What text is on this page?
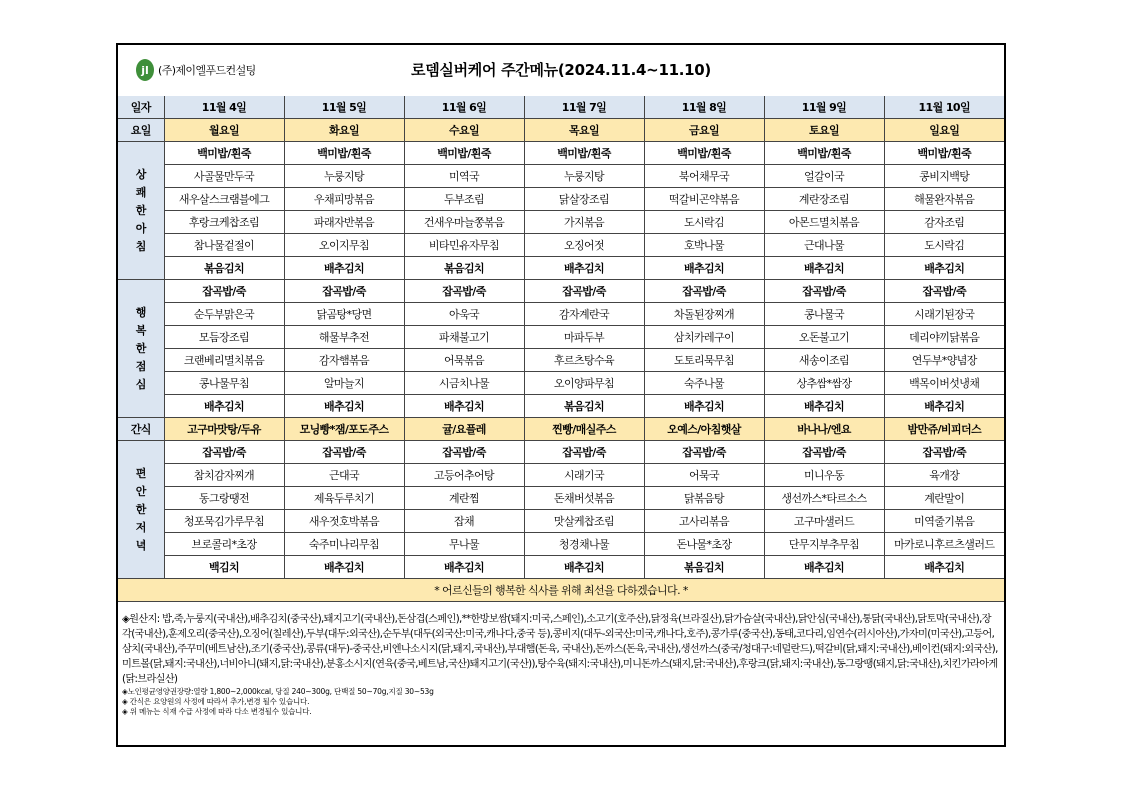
jl (주)제이엘푸드컨설팅	로뎀실버케어 주간메뉴(2024.11.4~11.10)
일자	11월 4일	11월 5일	11월 6일	11월 7일	11월 8일	11월 9일	11월 10일
요일	월요일	화요일	수요일	목요일	금요일	토요일	일요일

상
쾌
한
아
침	백미밥/흰죽	백미밥/흰죽	백미밥/흰죽	백미밥/흰죽	백미밥/흰죽	백미밥/흰죽	백미밥/흰죽
	사골물만두국	누룽지탕	미역국	누룽지탕	북어채무국	얼갈이국	콩비지백탕
	새우살스크램블에그	우채피망볶음	두부조림	닭살장조림	떡갈비곤약볶음	계란장조림	해물완자볶음
	후랑크케찹조림	파래자반볶음	건새우마늘쫑볶음	가지볶음	도시락김	아몬드멸치볶음	감자조림
	참나물겉절이	오이지무침	비타민유자무침	오징어젓	호박나물	근대나물	도시락김
	볶음김치	배추김치	볶음김치	배추김치	배추김치	배추김치	배추김치

행
복
한
점
심	잡곡밥/죽	잡곡밥/죽	잡곡밥/죽	잡곡밥/죽	잡곡밥/죽	잡곡밥/죽	잡곡밥/죽
	순두부맑은국	닭곰탕*당면	아욱국	감자계란국	차돌된장찌개	콩나물국	시래기된장국
	모듬장조림	해물부추전	파채불고기	마파두부	삼치카레구이	오돈불고기	데리야끼닭볶음
	크랜베리멸치볶음	감자햄볶음	어묵볶음	후르츠탕수육	도토리묵무침	새송이조림	연두부*양념장
	콩나물무침	알마늘지	시금치나물	오이양파무침	숙주나물	상추쌈*쌈장	백목이버섯냉채
	배추김치	배추김치	배추김치	볶음김치	배추김치	배추김치	배추김치
간식	고구마맛탕/두유	모닝빵*잼/포도주스	귤/요플레	찐빵/매실주스	오예스/아침햇살	바나나/엔요	밤만쥬/비피더스

편
안
한
저
녁	잡곡밥/죽	잡곡밥/죽	잡곡밥/죽	잡곡밥/죽	잡곡밥/죽	잡곡밥/죽	잡곡밥/죽
	참치감자찌개	근대국	고등어추어탕	시래기국	어묵국	미니우동	육개장
	동그랑땡전	제육두루치기	계란찜	돈채버섯볶음	닭볶음탕	생선까스*타르소스	계란말이
	청포묵김가루무침	새우젓호박볶음	잡채	맛살케찹조림	고사리볶음	고구마샐러드	미역줄기볶음
	브로콜리*초장	숙주미나리무침	무나물	청경채나물	돈나물*초장	단무지부추무침	마카로니후르츠샐러드
	백김치	배추김치	배추김치	배추김치	볶음김치	배추김치	배추김치
* 어르신들의 행복한 식사를 위해 최선을 다하겠습니다. *							
◈원산지: 밥,죽,누룽지(국내산),배추김치(중국산),돼지고기(국내산),돈삼겹(스페인),**한방보쌈(돼지:미국,스페인),소고기(호주산),닭정육(브라질산),닭가슴살(국내산),닭안심(국내산),통닭(국내산),닭토막(국내산),장각(국내산),훈제오리(중국산),오징어(칠레산),두부(대두:외국산),순두부(대두(외국산:미국,캐나다,중국 등),콩비지(대두-외국산:미국,캐나다,호주),콩가루(중국산),동태,코다리,임연수(러시아산),가자미(미국산),고등어,삼치(국내산),주꾸미(베트남산),조기(중국산),콩류(대두)-중국산,비엔나소시지(닭,돼지,국내산),부대햄(돈육, 국내산),돈까스(돈육,국내산),생선까스(중국/청대구:네덜란드),떡갈비(닭,돼지:국내산),베이컨(돼지:외국산),미트볼(닭,돼지:국내산),너비아니(돼지,닭:국내산),분홍소시지(연육(중국,베트남,국산)돼지고기(국산)),탕수육(돼지:국내산),미니돈까스(돼지,닭:국내산),후랑크(닭,돼지:국내산),동그랑땡(돼지,닭:국내산),치킨가라아게(닭:브라실산)
◈노인평균영양권장량:열량 1,800~2,000kcal, 당질 240~300g, 단백질 50~70g,지질 30~53g
◈ 간식은 요양원의 사정에 따라서 추가,변경 될수 있습니다.
◈ 위 메뉴는 식재 수급 사정에 따라 다소 변경될수 있습니다.
